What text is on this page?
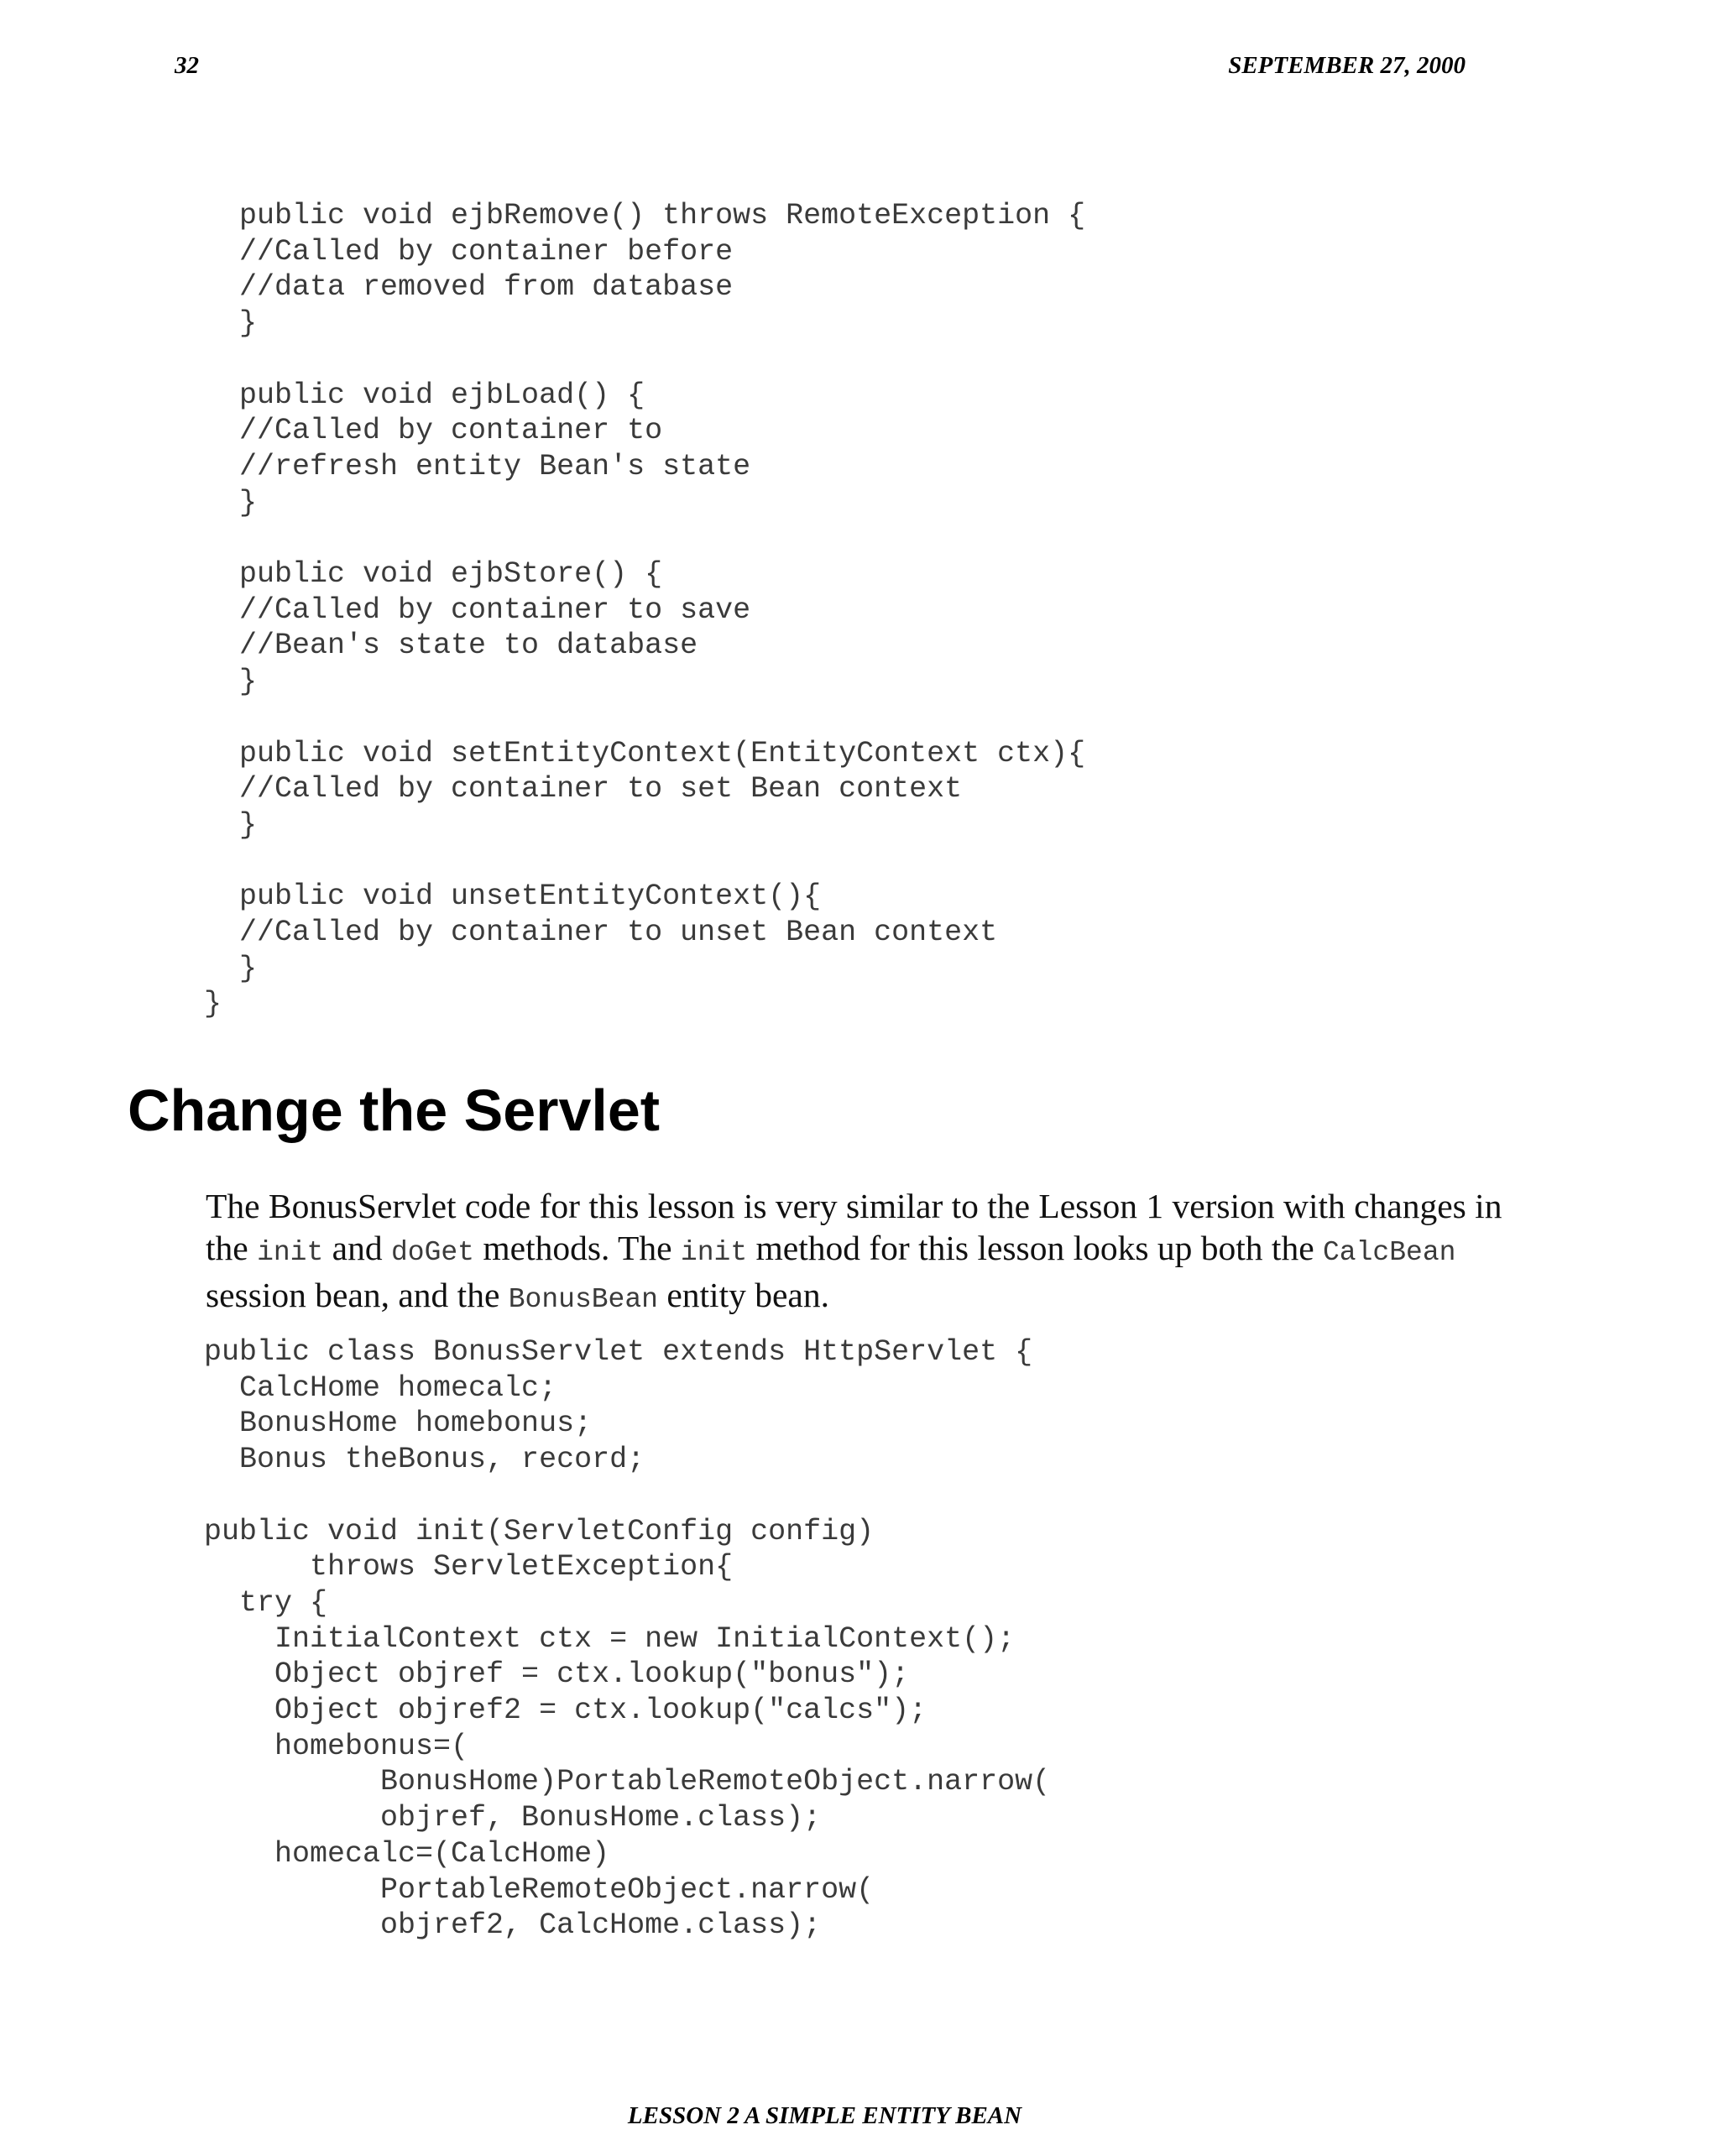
32	SEPTEMBER 27, 2000
public void ejbRemove() throws RemoteException {
//Called by container before
//data removed from database
}

public void ejbLoad() {
//Called by container to
//refresh entity Bean's state
}

public void ejbStore() {
//Called by container to save
//Bean's state to database
}

public void setEntityContext(EntityContext ctx){
//Called by container to set Bean context
}

public void unsetEntityContext(){
//Called by container to unset Bean context
}
}
Change the Servlet

The BonusServlet code for this lesson is very similar to the Lesson 1 version with changes in the init and doGet methods. The init method for this lesson looks up both the CalcBean session bean, and the BonusBean entity bean.

public class BonusServlet extends HttpServlet {
CalcHome homecalc;
BonusHome homebonus;
Bonus theBonus, record;

public void init(ServletConfig config)
throws ServletException{
try {
InitialContext ctx = new InitialContext();
Object objref = ctx.lookup("bonus");
Object objref2 = ctx.lookup("calcs");
homebonus=(
BonusHome)PortableRemoteObject.narrow(
objref, BonusHome.class);
homecalc=(CalcHome)
PortableRemoteObject.narrow(
objref2, CalcHome.class);
LESSON 2 A SIMPLE ENTITY BEAN
